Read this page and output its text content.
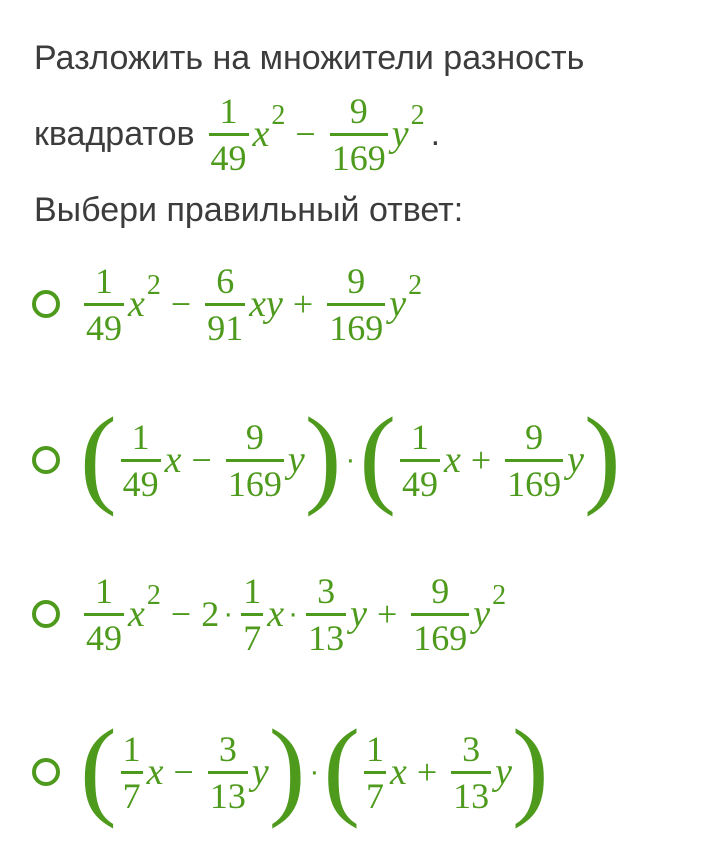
Разложить на множители разность
квадратов $\frac{1}{49}$ x $2 - \frac{9}{169}$ y 2 .
Выбери правильный ответ:
$\frac{1}{49}$ x $2 - \frac{6}{91}$ xy + $\frac{9}{169}$ y 2
( $\frac{1}{49}$ $x - \frac{9}{169}$ y ) · ( $\frac{1}{49}$ $x + \frac{9}{169}$ y )
$\frac{1}{49}$ x $2 - 2 \cdot \frac{1}{7}$ $x \cdot \frac{3}{13}$ $y + \frac{9}{169}$ y 2
( $\frac{1}{7}$ $x - \frac{3}{13}$ y ) · ( $\frac{1}{7}$ $x + \frac{3}{13}$ y )
